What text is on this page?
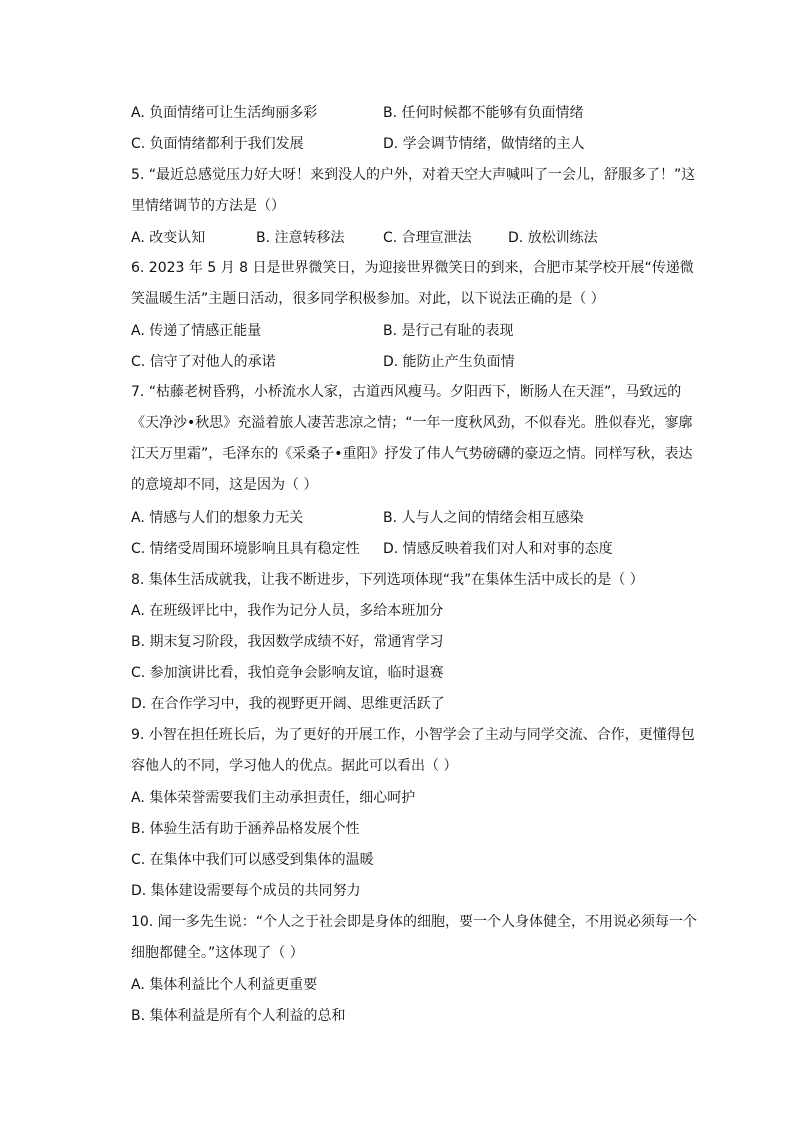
A. 负面情绪可让生活绚丽多彩	B. 任何时候都不能够有负面情绪
C. 负面情绪都利于我们发展	D. 学会调节情绪，做情绪的主人
5. “最近总感觉压力好大呀！来到没人的户外，对着天空大声喊叫了一会儿，舒服多了！”这里情绪调节的方法是（）
A. 改变认知	B. 注意转移法	C. 合理宣泄法	D. 放松训练法
6. 2023 年 5 月 8 日是世界微笑日，为迎接世界微笑日的到来，合肥市某学校开展“传递微笑温暖生活”主题日活动，很多同学积极参加。对此，以下说法正确的是（ ）
A. 传递了情感正能量	B. 是行己有耻的表现
C. 信守了对他人的承诺	D. 能防止产生负面情
7. “枯藤老树昏鸦，小桥流水人家，古道西风瘦马。夕阳西下，断肠人在天涯”，马致远的《天净沙•秋思》充溢着旅人凄苦悲凉之情；“一年一度秋风劲，不似春光。胜似春光，寥廓江天万里霜”，毛泽东的《采桑子•重阳》抒发了伟人气势磅礴的豪迈之情。同样写秋，表达的意境却不同，这是因为（ ）
A. 情感与人们的想象力无关	B. 人与人之间的情绪会相互感染
C. 情绪受周围环境影响且具有稳定性 D. 情感反映着我们对人和对事的态度
8. 集体生活成就我，让我不断进步，下列选项体现“我”在集体生活中成长的是（ ）
A. 在班级评比中，我作为记分人员，多给本班加分
B. 期末复习阶段，我因数学成绩不好，常通宵学习
C. 参加演讲比看，我怕竞争会影响友谊，临时退赛
D. 在合作学习中，我的视野更开阔、思维更活跃了
9. 小智在担任班长后，为了更好的开展工作，小智学会了主动与同学交流、合作，更懂得包容他人的不同，学习他人的优点。据此可以看出（ ）
A. 集体荣誉需要我们主动承担责任，细心呵护
B. 体验生活有助于涵养品格发展个性
C. 在集体中我们可以感受到集体的温暖
D. 集体建设需要每个成员的共同努力
10. 闻一多先生说：“个人之于社会即是身体的细胞，要一个人身体健全，不用说必须每一个细胞都健全。”这体现了（ ）
A. 集体利益比个人利益更重要
B. 集体利益是所有个人利益的总和
